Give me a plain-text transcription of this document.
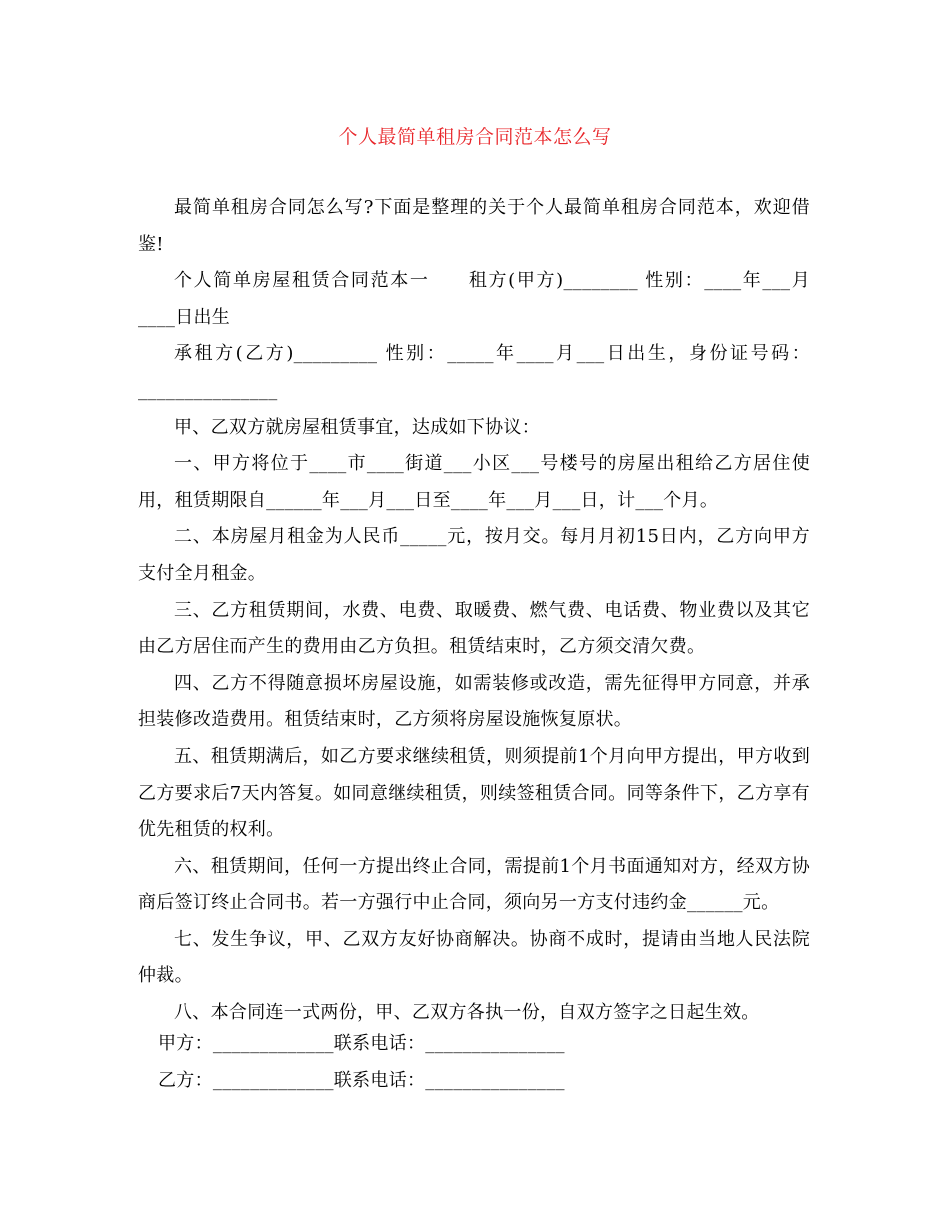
个人最简单租房合同范本怎么写

最简单租房合同怎么写?下面是整理的关于个人最简单租房合同范本，欢迎借鉴!

个人简单房屋租赁合同范本一　　租方(甲方)________ 性别：____年___月____日出生

承租方(乙方)_________ 性别：_____年____月___日出生，身份证号码：_______________

甲、乙双方就房屋租赁事宜，达成如下协议：

一、甲方将位于____市____街道___小区___号楼号的房屋出租给乙方居住使用，租赁期限自______年___月___日至____年___月___日，计___个月。

二、本房屋月租金为人民币_____元，按月交。每月月初15日内，乙方向甲方支付全月租金。

三、乙方租赁期间，水费、电费、取暖费、燃气费、电话费、物业费以及其它由乙方居住而产生的费用由乙方负担。租赁结束时，乙方须交清欠费。

四、乙方不得随意损坏房屋设施，如需装修或改造，需先征得甲方同意，并承担装修改造费用。租赁结束时，乙方须将房屋设施恢复原状。

五、租赁期满后，如乙方要求继续租赁，则须提前1个月向甲方提出，甲方收到乙方要求后7天内答复。如同意继续租赁，则续签租赁合同。同等条件下，乙方享有优先租赁的权利。

六、租赁期间，任何一方提出终止合同，需提前1个月书面通知对方，经双方协商后签订终止合同书。若一方强行中止合同，须向另一方支付违约金______元。

七、发生争议，甲、乙双方友好协商解决。协商不成时，提请由当地人民法院仲裁。

八、本合同连一式两份，甲、乙双方各执一份，自双方签字之日起生效。

甲方：_____________联系电话：_______________
乙方：_____________联系电话：_______________
